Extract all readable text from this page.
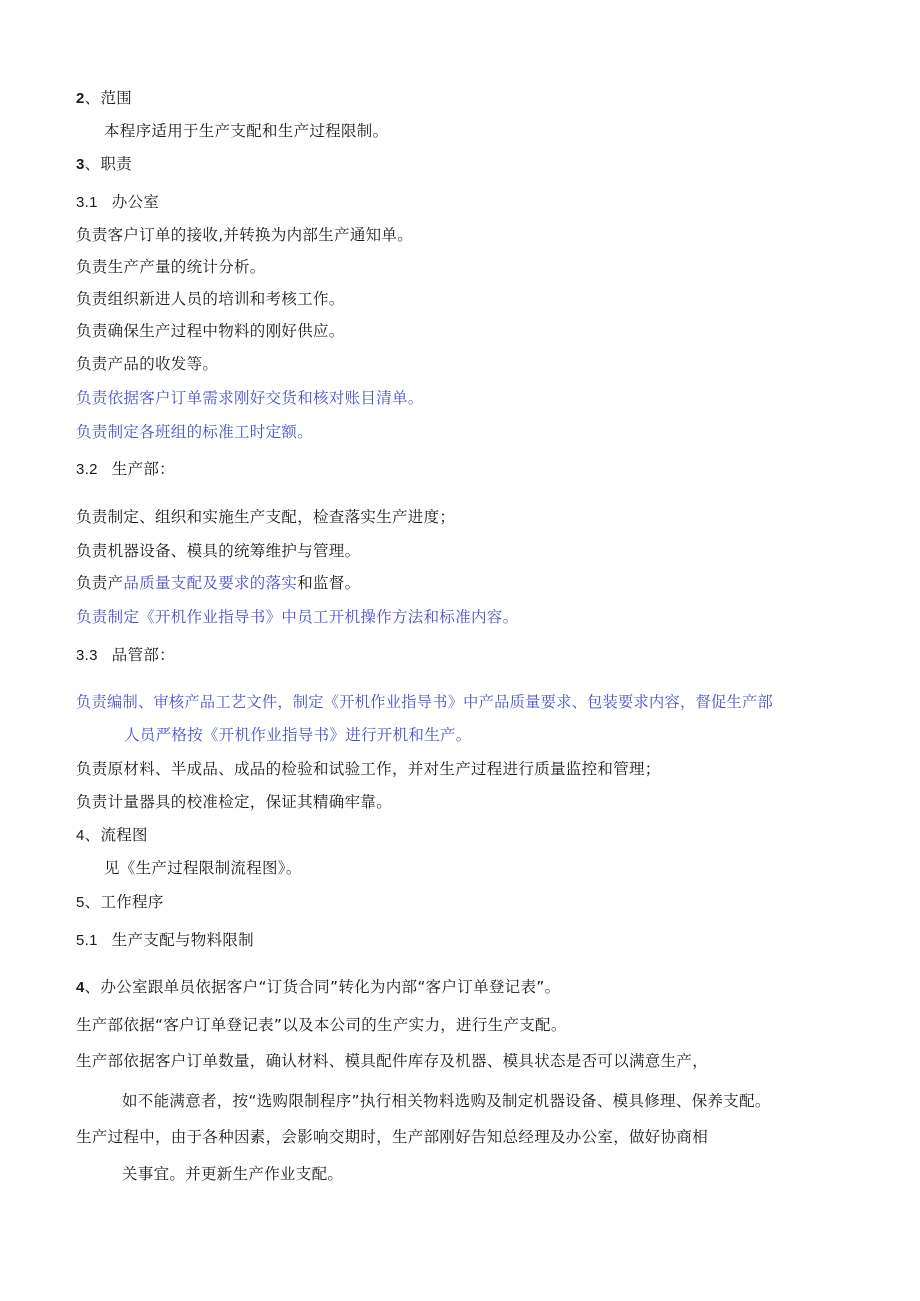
2、范围
本程序适用于生产支配和生产过程限制。
3、职责
3.1 办公室
负责客户订单的接收,并转换为内部生产通知单。
负责生产产量的统计分析。
负责组织新进人员的培训和考核工作。
负责确保生产过程中物料的刚好供应。
负责产品的收发等。
负责依据客户订单需求刚好交货和核对账目清单。
负责制定各班组的标准工时定额。
3.2 生产部：
负责制定、组织和实施生产支配，检查落实生产进度；
负责机器设备、模具的统筹维护与管理。
负责产品质量支配及要求的落实和监督。
负责制定《开机作业指导书》中员工开机操作方法和标准内容。
3.3 品管部：
负责编制、审核产品工艺文件，制定《开机作业指导书》中产品质量要求、包装要求内容，督促生产部
人员严格按《开机作业指导书》进行开机和生产。
负责原材料、半成品、成品的检验和试验工作，并对生产过程进行质量监控和管理；
负责计量器具的校准检定，保证其精确牢靠。
4、流程图
见《生产过程限制流程图》。
5、工作程序
5.1 生产支配与物料限制
4、办公室跟单员依据客户“订货合同”转化为内部“客户订单登记表”。
生产部依据“客户订单登记表”以及本公司的生产实力，进行生产支配。
生产部依据客户订单数量，确认材料、模具配件库存及机器、模具状态是否可以满意生产，
如不能满意者，按“选购限制程序”执行相关物料选购及制定机器设备、模具修理、保养支配。
生产过程中，由于各种因素，会影响交期时，生产部刚好告知总经理及办公室，做好协商相
关事宜。并更新生产作业支配。
